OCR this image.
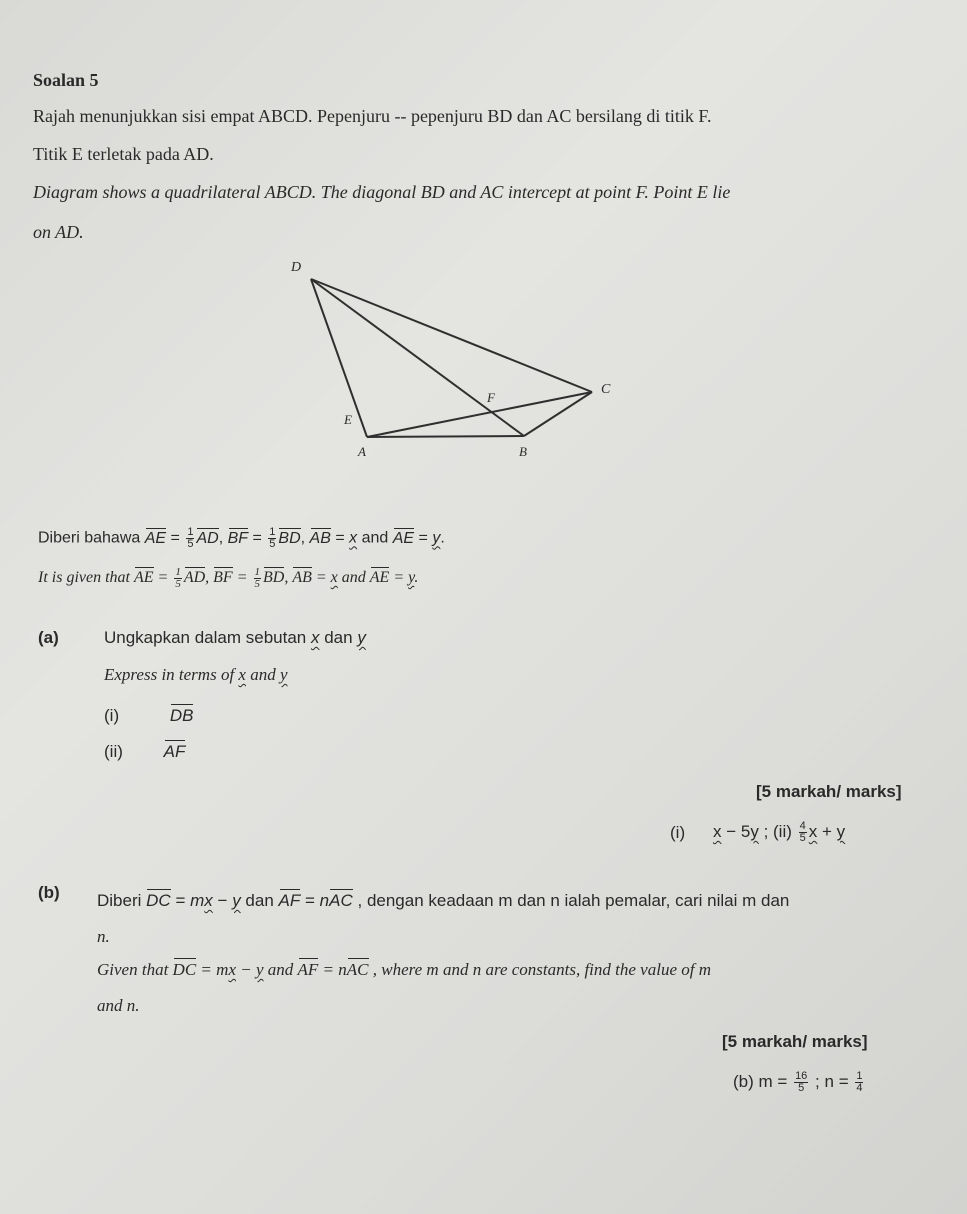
Soalan 5
Rajah menunjukkan sisi empat ABCD. Pepenjuru -- pepenjuru BD dan AC bersilang di titik F.
Titik E terletak pada AD.
Diagram shows a quadrilateral ABCD. The diagonal BD and AC intercept at point F. Point E lie
on AD.
D
C
F
E
A	B
Diberi bahawa AE = $\frac{1}{5}$ AD, BF = $\frac{1}{5}$ BD, AB = x and AE = y.
It is given that AE = $\frac{1}{5}$ AD, BF = $\frac{1}{5}$ BD, AB = x and AE = y.
(a)	Ungkapkan dalam sebutan x dan y
Express in terms of x and y
(i)	DB
(ii) AF
[5 markah/ marks]
(i) x − 5y ; $(ii) \frac{4}{5}$ x + y
(b) Diberi DC = mx − y dan AF = nAC , dengan keadaan m dan n ialah pemalar, cari nilai m dan
n.
Given that DC = mx − y and AF = nAC , where m and n are constants, find the value of m
and n.
[5 markah/ marks]
(b) $m = \frac{16}{5}$ ; $n = \frac{1}{4}$
